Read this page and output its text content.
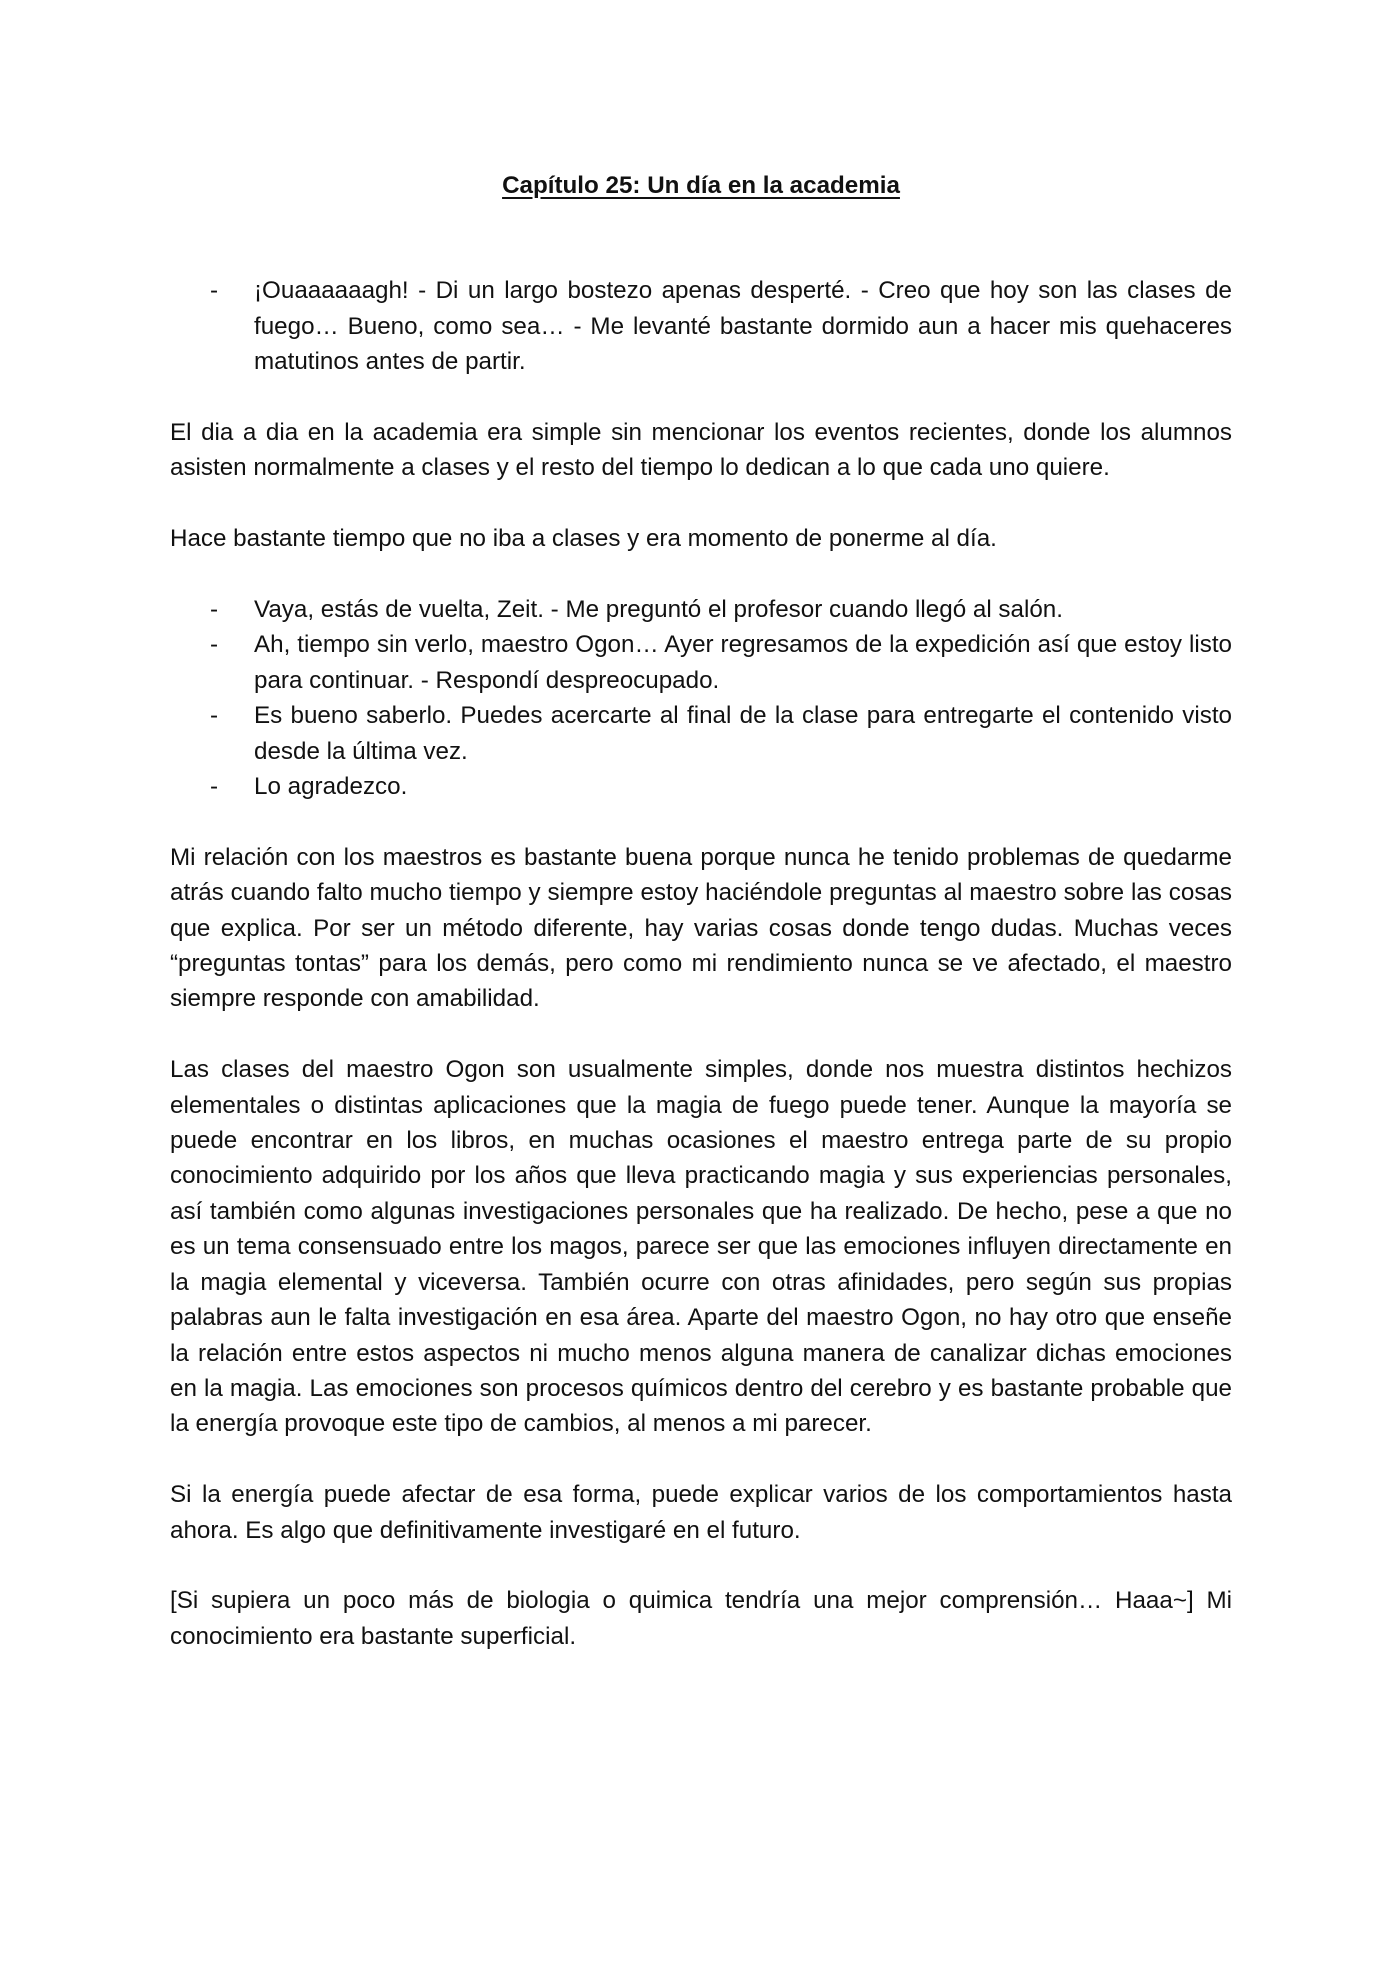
Capítulo 25: Un día en la academia

- ¡Ouaaaaaagh! - Di un largo bostezo apenas desperté. - Creo que hoy son las clases de fuego… Bueno, como sea… - Me levanté bastante dormido aun a hacer mis quehaceres matutinos antes de partir.

El dia a dia en la academia era simple sin mencionar los eventos recientes, donde los alumnos asisten normalmente a clases y el resto del tiempo lo dedican a lo que cada uno quiere.

Hace bastante tiempo que no iba a clases y era momento de ponerme al día.

- Vaya, estás de vuelta, Zeit. - Me preguntó el profesor cuando llegó al salón.
- Ah, tiempo sin verlo, maestro Ogon… Ayer regresamos de la expedición así que estoy listo para continuar. - Respondí despreocupado.
- Es bueno saberlo. Puedes acercarte al final de la clase para entregarte el contenido visto desde la última vez.
- Lo agradezco.

Mi relación con los maestros es bastante buena porque nunca he tenido problemas de quedarme atrás cuando falto mucho tiempo y siempre estoy haciéndole preguntas al maestro sobre las cosas que explica. Por ser un método diferente, hay varias cosas donde tengo dudas. Muchas veces “preguntas tontas” para los demás, pero como mi rendimiento nunca se ve afectado, el maestro siempre responde con amabilidad.

Las clases del maestro Ogon son usualmente simples, donde nos muestra distintos hechizos elementales o distintas aplicaciones que la magia de fuego puede tener. Aunque la mayoría se puede encontrar en los libros, en muchas ocasiones el maestro entrega parte de su propio conocimiento adquirido por los años que lleva practicando magia y sus experiencias personales, así también como algunas investigaciones personales que ha realizado. De hecho, pese a que no es un tema consensuado entre los magos, parece ser que las emociones influyen directamente en la magia elemental y viceversa. También ocurre con otras afinidades, pero según sus propias palabras aun le falta investigación en esa área. Aparte del maestro Ogon, no hay otro que enseñe la relación entre estos aspectos ni mucho menos alguna manera de canalizar dichas emociones en la magia. Las emociones son procesos químicos dentro del cerebro y es bastante probable que la energía provoque este tipo de cambios, al menos a mi parecer.

Si la energía puede afectar de esa forma, puede explicar varios de los comportamientos hasta ahora. Es algo que definitivamente investigaré en el futuro.

[Si supiera un poco más de biologia o quimica tendría una mejor comprensión… Haaa~] Mi conocimiento era bastante superficial.
